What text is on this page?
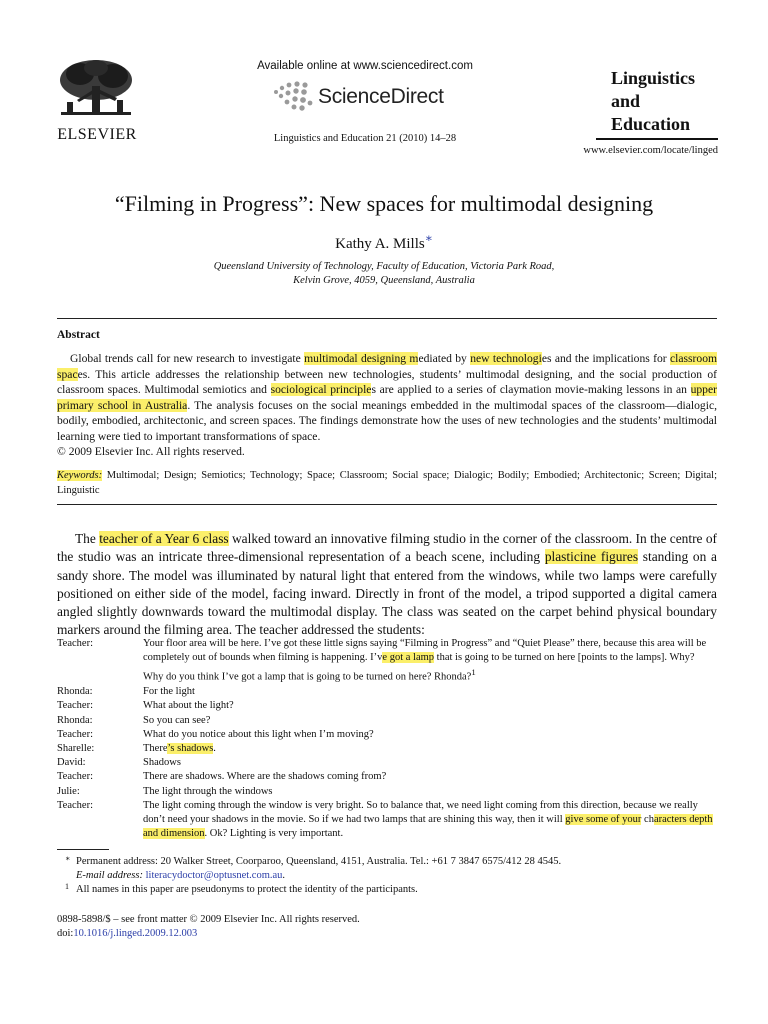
ELSEVIER
Available online at www.sciencedirect.com
ScienceDirect
Linguistics and Education 21 (2010) 14–28
Linguistics
and
Education
www.elsevier.com/locate/linged
“Filming in Progress”: New spaces for multimodal designing
Kathy A. Mills∗
Queensland University of Technology, Faculty of Education, Victoria Park Road,
Kelvin Grove, 4059, Queensland, Australia
Abstract
Global trends call for new research to investigate multimodal designing mediated by new technologies and the implications for classroom spaces. This article addresses the relationship between new technologies, students’ multimodal designing, and the social production of classroom spaces. Multimodal semiotics and sociological principles are applied to a series of claymation movie-making lessons in an upper primary school in Australia. The analysis focuses on the social meanings embedded in the multimodal spaces of the classroom—dialogic, bodily, embodied, architectonic, and screen spaces. The findings demonstrate how the uses of new technologies and the students’ multimodal learning were tied to important transformations of space.
© 2009 Elsevier Inc. All rights reserved.
Keywords: Multimodal; Design; Semiotics; Technology; Space; Classroom; Social space; Dialogic; Bodily; Embodied; Architectonic; Screen; Digital; Linguistic
The teacher of a Year 6 class walked toward an innovative filming studio in the corner of the classroom. In the centre of the studio was an intricate three-dimensional representation of a beach scene, including plasticine figures standing on a sandy shore. The model was illuminated by natural light that entered from the windows, while two lamps were carefully positioned on either side of the model, facing inward. Directly in front of the model, a tripod supported a digital camera angled slightly downwards toward the multimodal display. The class was seated on the carpet behind physical boundary markers around the filming area. The teacher addressed the students:
Teacher:	Your floor area will be here. I’ve got these little signs saying “Filming in Progress” and “Quiet Please” there, because this area will be completely out of bounds when filming is happening. I’ve got a lamp that is going to be turned on here [points to the lamps]. Why? Why do you think I’ve got a lamp that is going to be turned on here? Rhonda?$^1$
Rhonda:	For the light
Teacher:	What about the light?
Rhonda:	So you can see?
Teacher:	What do you notice about this light when I’m moving?
Sharelle:	There’s shadows.
David:	Shadows
Teacher:	There are shadows. Where are the shadows coming from?
Julie:	The light through the windows
Teacher:	The light coming through the window is very bright. So to balance that, we need light coming from this direction, because we really don’t need your shadows in the movie. So if we had two lamps that are shining this way, then it will give some of your characters depth and dimension. Ok? Lighting is very important.
∗ Permanent address: 20 Walker Street, Coorparoo, Queensland, 4151, Australia. Tel.: +61 7 3847 6575/412 28 4545.
E-mail address: literacydoctor@optusnet.com.au.
1 All names in this paper are pseudonyms to protect the identity of the participants.
0898-5898/$ – see front matter © 2009 Elsevier Inc. All rights reserved.
doi:10.1016/j.linged.2009.12.003
